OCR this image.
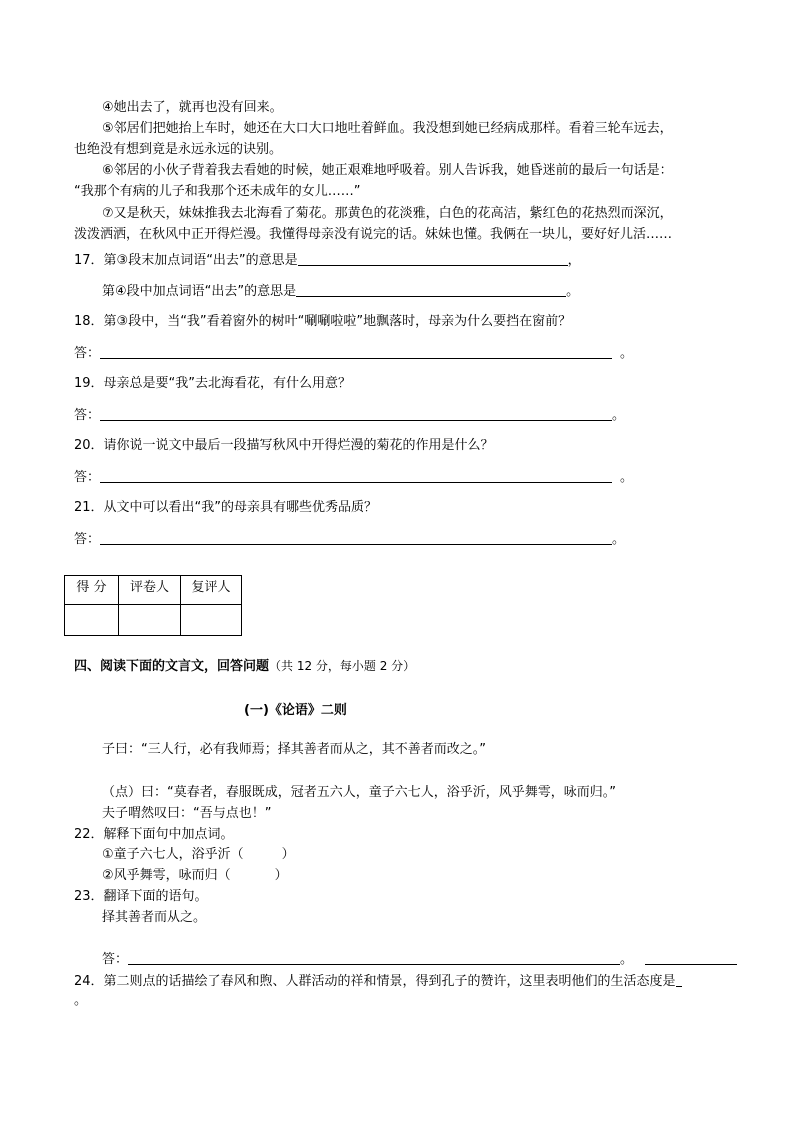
④她出去了，就再也没有回来。
⑤邻居们把她抬上车时，她还在大口大口地吐着鲜血。我没想到她已经病成那样。看着三轮车远去，
也绝没有想到竟是永远永远的诀别。
⑥邻居的小伙子背着我去看她的时候，她正艰难地呼吸着。别人告诉我，她昏迷前的最后一句话是：
“我那个有病的儿子和我那个还未成年的女儿……”
⑦又是秋天，妹妹推我去北海看了菊花。那黄色的花淡雅，白色的花高洁，紫红色的花热烈而深沉，
泼泼洒洒，在秋风中正开得烂漫。我懂得母亲没有说完的话。妹妹也懂。我俩在一块儿，要好好儿活……
17．第③段末加点词语“出去”的意思是	，
第④段中加点词语“出去”的意思是	。
18．第③段中，当“我”看着窗外的树叶“唰唰啦啦”地飘落时，母亲为什么要挡在窗前？
答：	。
19．母亲总是要“我”去北海看花，有什么用意？
答：	。
20．请你说一说文中最后一段描写秋风中开得烂漫的菊花的作用是什么？
答：	。
21．从文中可以看出“我”的母亲具有哪些优秀品质？
答：	。
得 分	评卷人	复评人

四、阅读下面的文言文，回答问题（共 12 分，每小题 2 分）
(一)《论语》二则
子曰：“三人行，必有我师焉；择其善者而从之，其不善者而改之。”
（点）曰：“莫春者，春服既成，冠者五六人，童子六七人，浴乎沂，风乎舞雩，咏而归。”
夫子喟然叹曰：“吾与点也！”
22．解释下面句中加点词。
①童子六七人，浴乎沂（	）
②风乎舞雩，咏而归（	）
23．翻译下面的语句。
择其善者而从之。
答：	。
24．第二则点的话描绘了春风和煦、人群活动的祥和情景，得到孔子的赞许，这里表明他们的生活态度是
。
